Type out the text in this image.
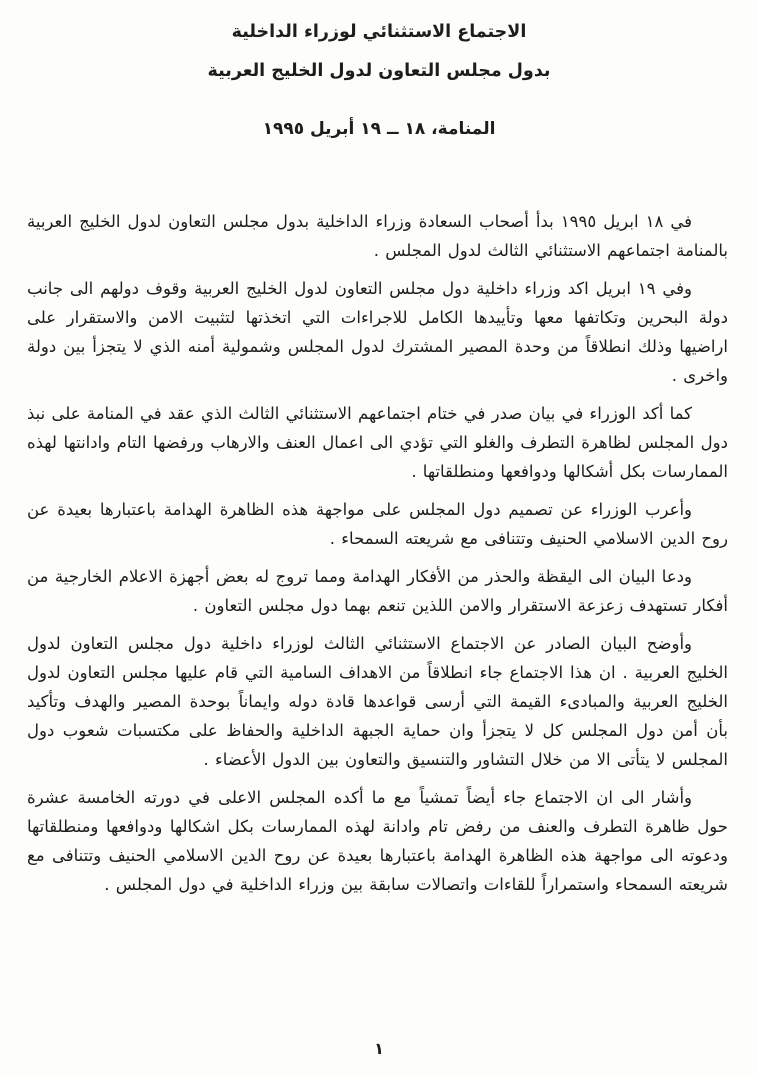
الاجتماع الاستثنائي لوزراء الداخلية
بدول مجلس التعاون لدول الخليج العربية

المنامة، ١٨ ــ ١٩ أبريل ١٩٩٥

في ١٨ ابريل ١٩٩٥ بدأ أصحاب السعادة وزراء الداخلية بدول مجلس التعاون لدول الخليج العربية بالمنامة اجتماعهم الاستثنائي الثالث لدول المجلس .

وفي ١٩ ابريل اكد وزراء داخلية دول مجلس التعاون لدول الخليج العربية وقوف دولهم الى جانب دولة البحرين وتكاتفها معها وتأييدها الكامل للاجراءات التي اتخذتها لتثبيت الامن والاستقرار على اراضيها وذلك انطلاقاً من وحدة المصير المشترك لدول المجلس وشمولية أمنه الذي لا يتجزأ بين دولة واخرى .

كما أكد الوزراء في بيان صدر في ختام اجتماعهم الاستثنائي الثالث الذي عقد في المنامة على نبذ دول المجلس لظاهرة التطرف والغلو التي تؤدي الى اعمال العنف والارهاب ورفضها التام وادانتها لهذه الممارسات بكل أشكالها ودوافعها ومنطلقاتها .

وأعرب الوزراء عن تصميم دول المجلس على مواجهة هذه الظاهرة الهدامة باعتبارها بعيدة عن روح الدين الاسلامي الحنيف وتتنافى مع شريعته السمحاء .

ودعا البيان الى اليقظة والحذر من الأفكار الهدامة ومما تروج له بعض أجهزة الاعلام الخارجية من أفكار تستهدف زعزعة الاستقرار والامن اللذين تنعم بهما دول مجلس التعاون .

وأوضح البيان الصادر عن الاجتماع الاستثنائي الثالث لوزراء داخلية دول مجلس التعاون لدول الخليج العربية . ان هذا الاجتماع جاء انطلاقاً من الاهداف السامية التي قام عليها مجلس التعاون لدول الخليج العربية والمبادىء القيمة التي أرسى قواعدها قادة دوله وايماناً بوحدة المصير والهدف وتأكيد بأن أمن دول المجلس كل لا يتجزأ وان حماية الجبهة الداخلية والحفاظ على مكتسبات شعوب دول المجلس لا يتأتى الا من خلال التشاور والتنسيق والتعاون بين الدول الأعضاء .

وأشار الى ان الاجتماع جاء أيضاً تمشياً مع ما أكده المجلس الاعلى في دورته الخامسة عشرة حول ظاهرة التطرف والعنف من رفض تام وادانة لهذه الممارسات بكل اشكالها ودوافعها ومنطلقاتها ودعوته الى مواجهة هذه الظاهرة الهدامة باعتبارها بعيدة عن روح الدين الاسلامي الحنيف وتتنافى مع شريعته السمحاء واستمراراً للقاءات واتصالات سابقة بين وزراء الداخلية في دول المجلس .

١
